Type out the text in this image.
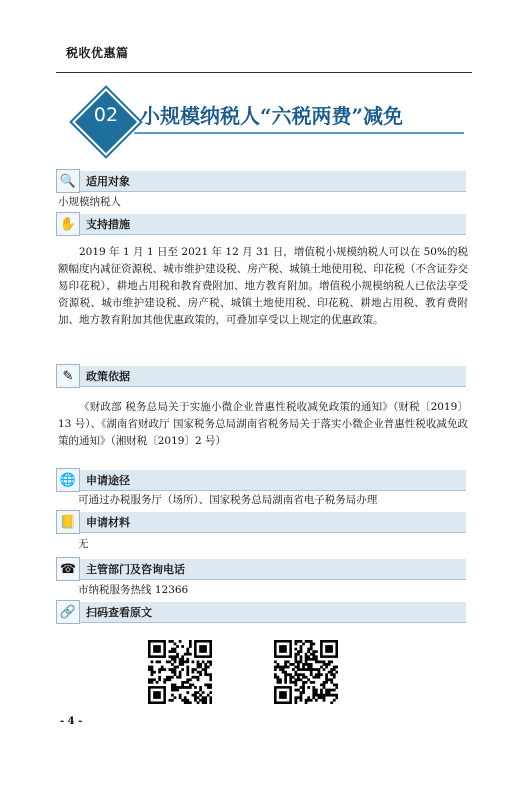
税收优惠篇
02	小规模纳税人“六税两费”减免
🔍 适用对象
小规模纳税人
✋ 支持措施
2019 年 1 月 1 日至 2021 年 12 月 31 日，增值税小规模纳税人可以在 50%的税额幅度内减征资源税、城市维护建设税、房产税、城镇土地使用税、印花税（不含证券交易印花税）、耕地占用税和教育费附加、地方教育附加。增值税小规模纳税人已依法享受资源税、城市维护建设税、房产税、城镇土地使用税、印花税、耕地占用税、教育费附加、地方教育附加其他优惠政策的，可叠加享受以上规定的优惠政策。
✎	政策依据
《财政部 税务总局关于实施小微企业普惠性税收减免政策的通知》（财税〔2019〕13 号）、《湖南省财政厅 国家税务总局湖南省税务局关于落实小微企业普惠性税收减免政策的通知》（湘财税〔2019〕2 号）
🌐 申请途径
可通过办税服务厅（场所）、国家税务总局湖南省电子税务局办理
📒 申请材料
无
☎ 主管部门及咨询电话
市纳税服务热线 12366
🔗 扫码查看原文
- 4 -
